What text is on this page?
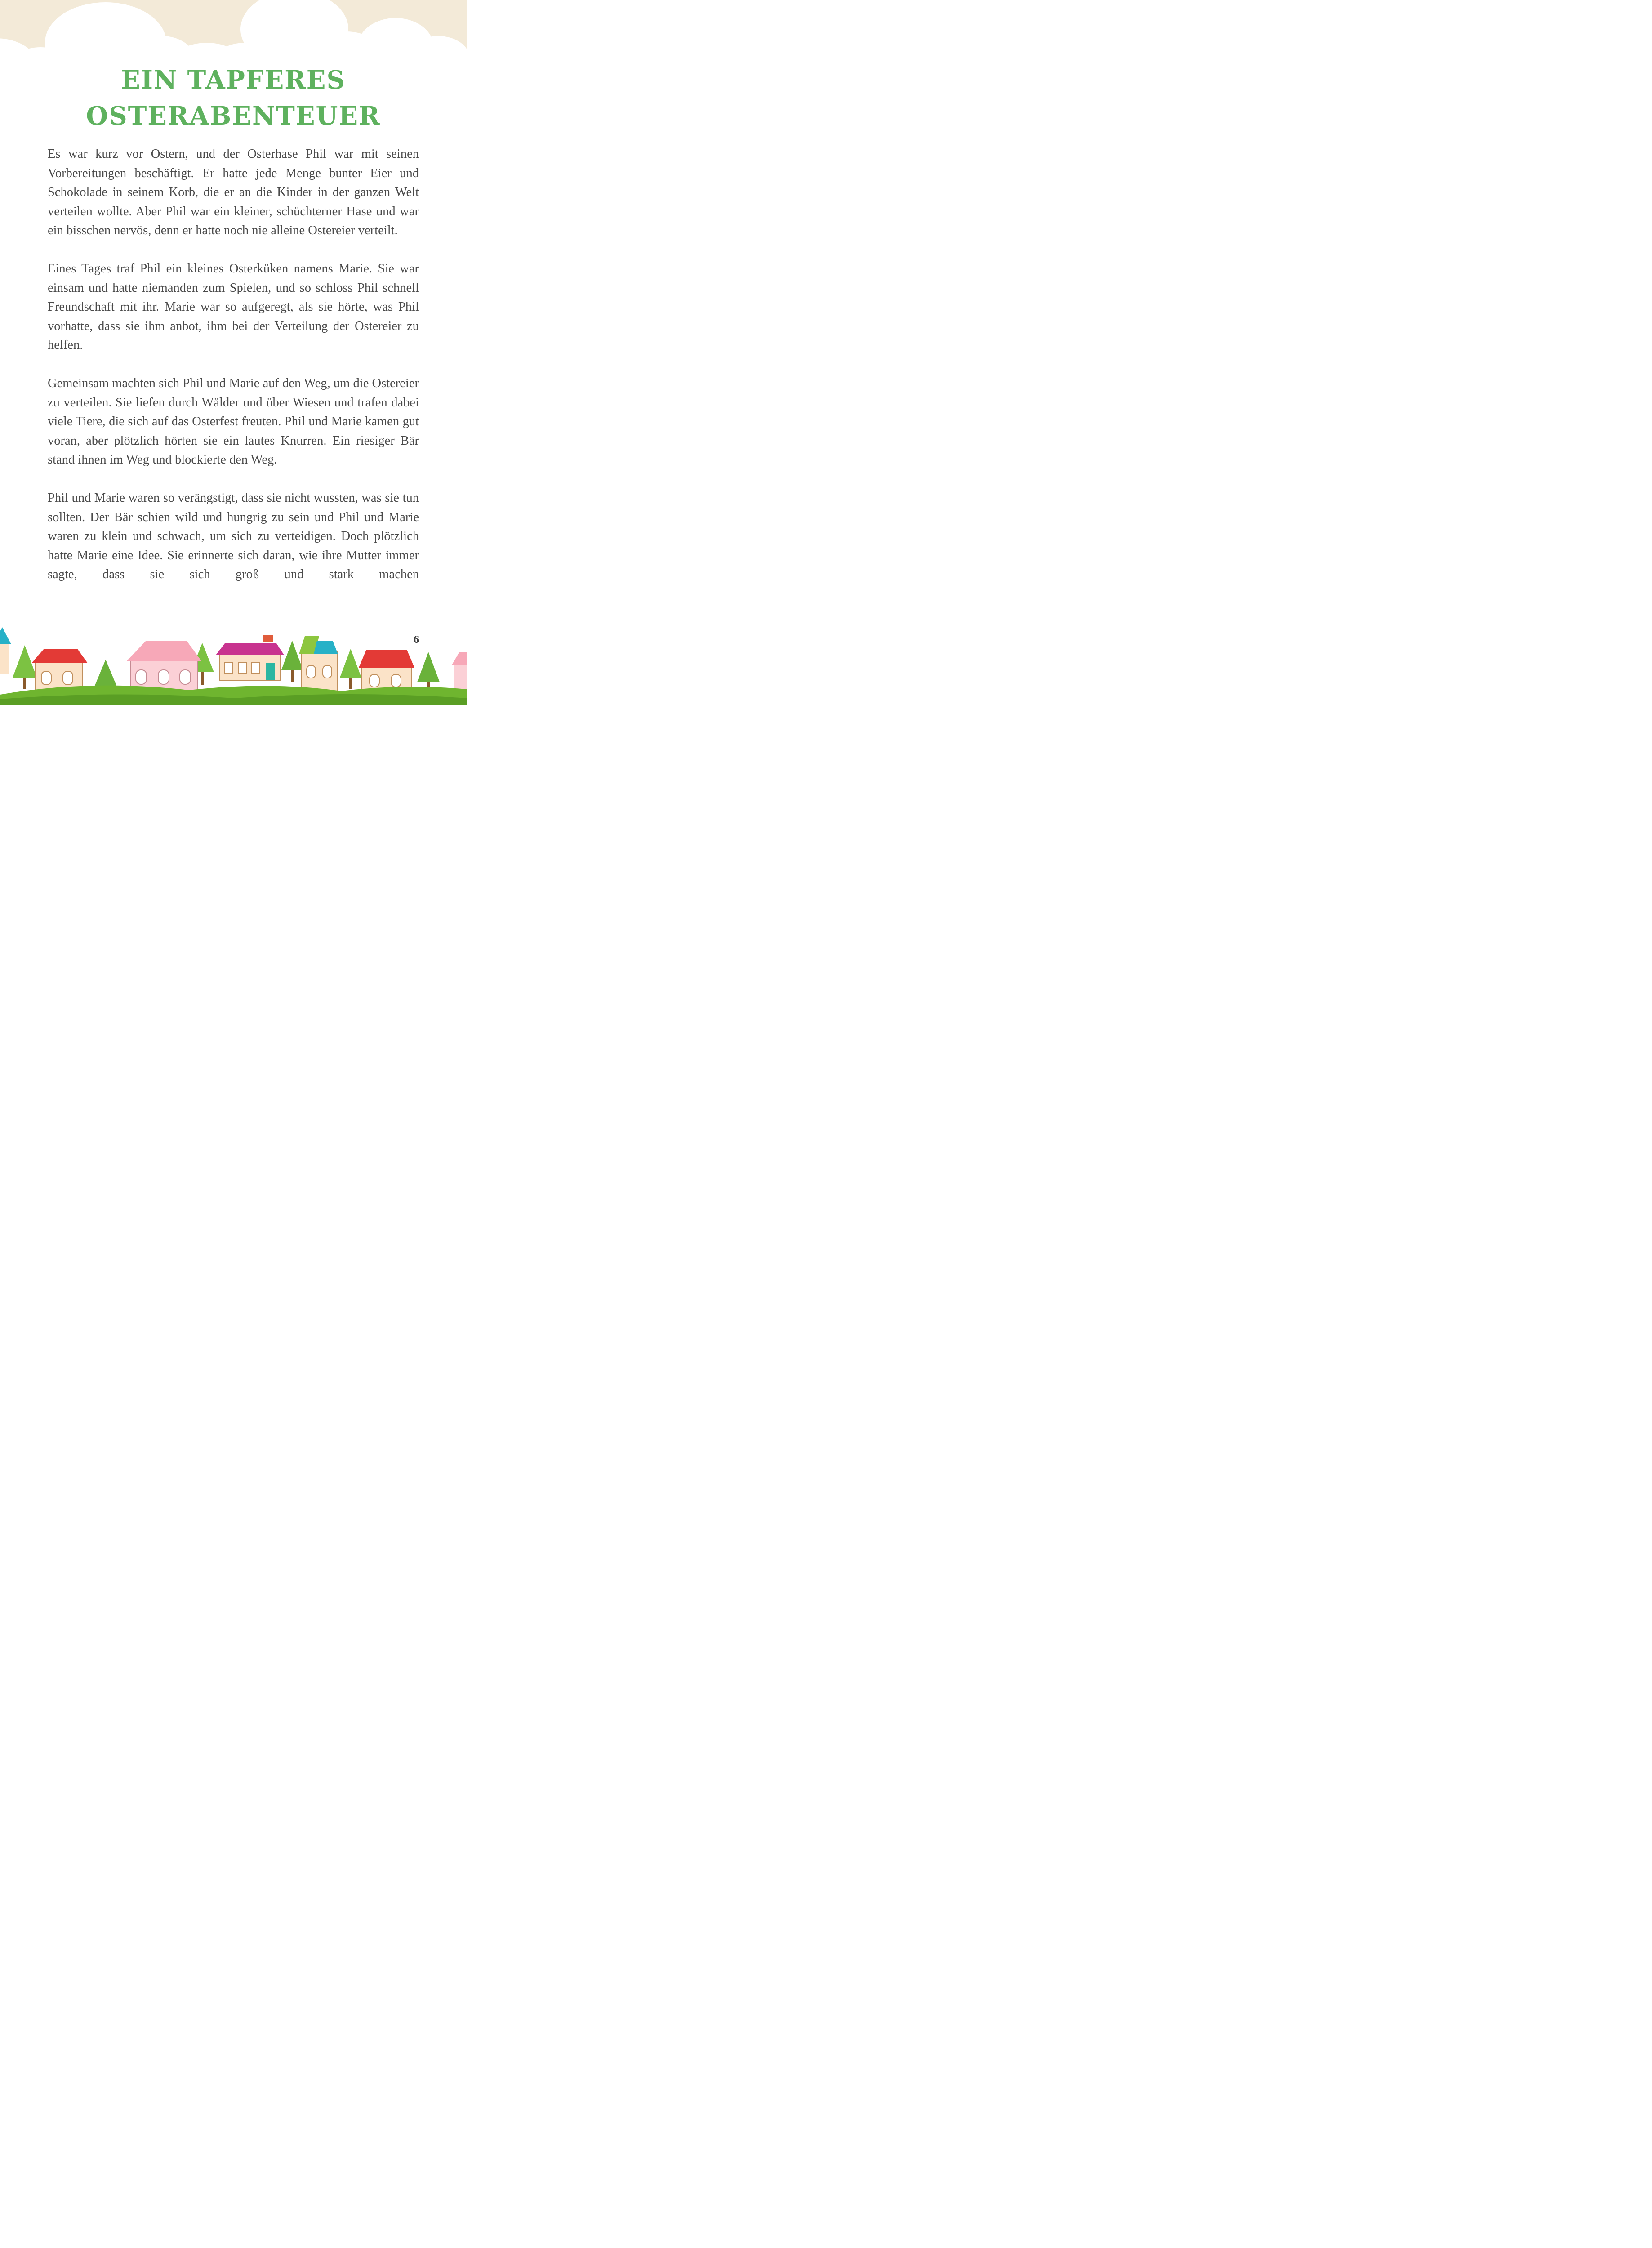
EIN TAPFERES
OSTERABENTEUER

Es war kurz vor Ostern, und der Osterhase Phil war mit seinen Vorbereitungen beschäftigt. Er hatte jede Menge bunter Eier und Schokolade in seinem Korb, die er an die Kinder in der ganzen Welt verteilen wollte. Aber Phil war ein kleiner, schüchterner Hase und war ein bisschen nervös, denn er hatte noch nie alleine Ostereier verteilt.

Eines Tages traf Phil ein kleines Osterküken namens Marie. Sie war einsam und hatte niemanden zum Spielen, und so schloss Phil schnell Freundschaft mit ihr. Marie war so aufgeregt, als sie hörte, was Phil vorhatte, dass sie ihm anbot, ihm bei der Verteilung der Ostereier zu helfen.

Gemeinsam machten sich Phil und Marie auf den Weg, um die Ostereier zu verteilen. Sie liefen durch Wälder und über Wiesen und trafen dabei viele Tiere, die sich auf das Osterfest freuten. Phil und Marie kamen gut voran, aber plötzlich hörten sie ein lautes Knurren. Ein riesiger Bär stand ihnen im Weg und blockierte den Weg.

Phil und Marie waren so verängstigt, dass sie nicht wussten, was sie tun sollten. Der Bär schien wild und hungrig zu sein und Phil und Marie waren zu klein und schwach, um sich zu verteidigen. Doch plötzlich hatte Marie eine Idee. Sie erinnerte sich daran, wie ihre Mutter immer sagte, dass sie sich groß und stark machen

6
